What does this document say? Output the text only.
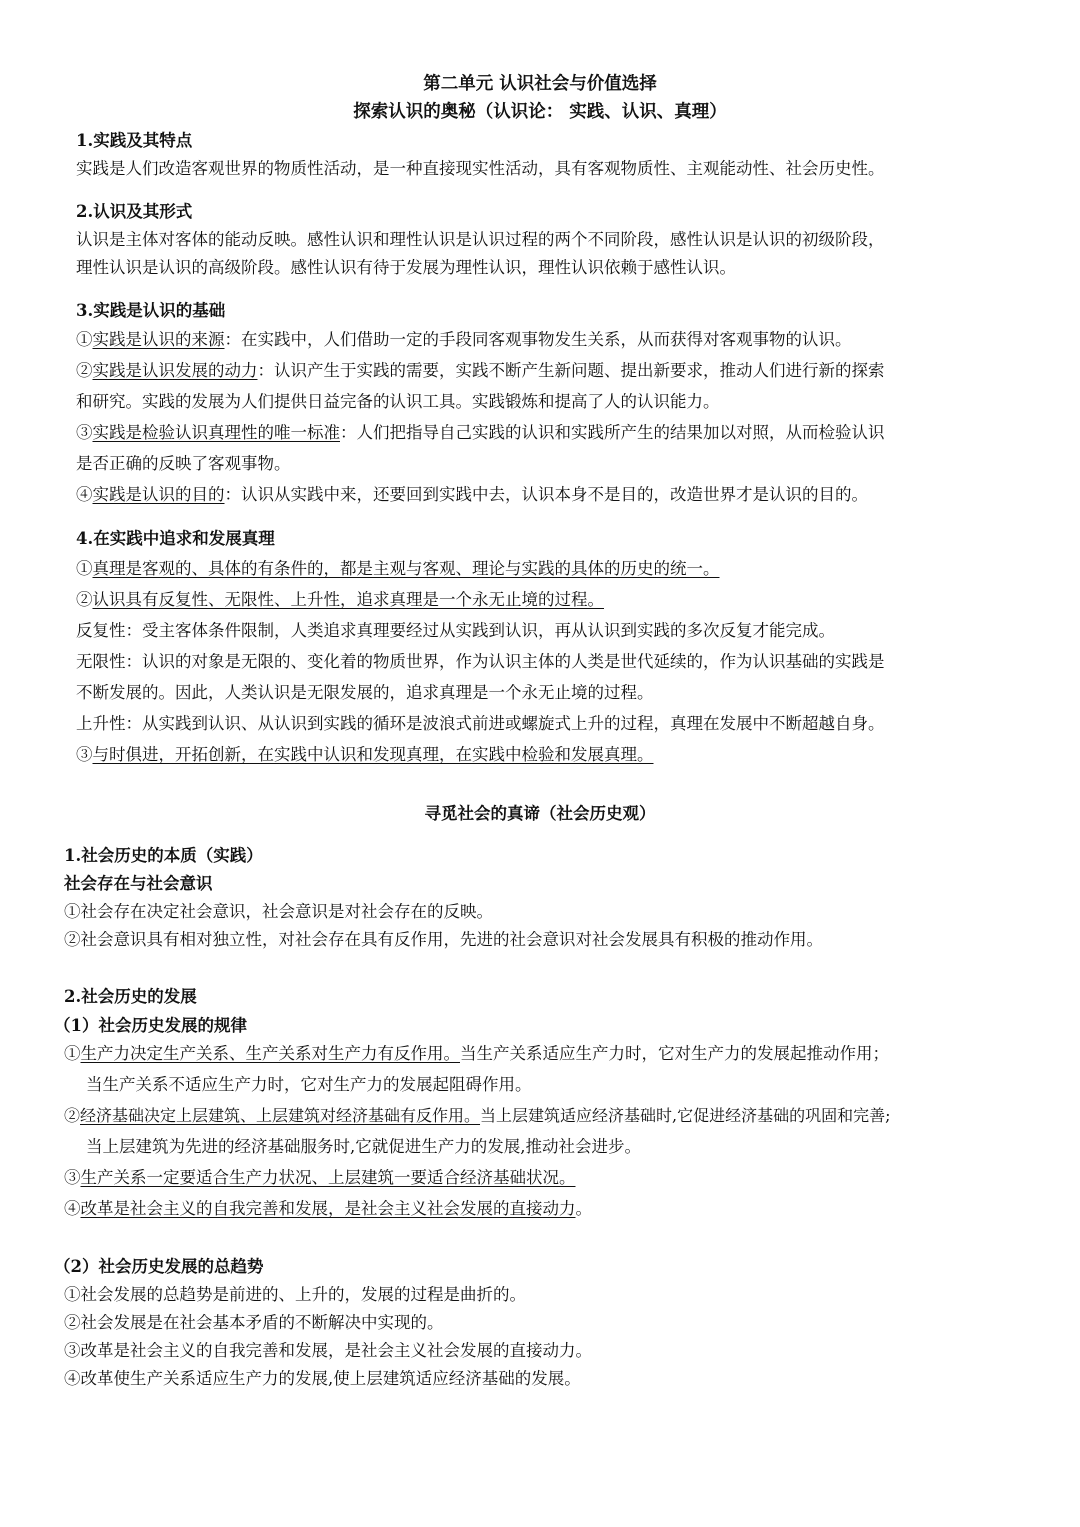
第二单元 认识社会与价值选择
探索认识的奥秘（认识论： 实践、认识、真理）
1.实践及其特点
实践是人们改造客观世界的物质性活动，是一种直接现实性活动，具有客观物质性、主观能动性、社会历史性。
2.认识及其形式
认识是主体对客体的能动反映。感性认识和理性认识是认识过程的两个不同阶段，感性认识是认识的初级阶段，
理性认识是认识的高级阶段。感性认识有待于发展为理性认识，理性认识依赖于感性认识。
3.实践是认识的基础
①实践是认识的来源：在实践中，人们借助一定的手段同客观事物发生关系，从而获得对客观事物的认识。
②实践是认识发展的动力：认识产生于实践的需要，实践不断产生新问题、提出新要求，推动人们进行新的探索
和研究。实践的发展为人们提供日益完备的认识工具。实践锻炼和提高了人的认识能力。
③实践是检验认识真理性的唯一标准：人们把指导自己实践的认识和实践所产生的结果加以对照，从而检验认识
是否正确的反映了客观事物。
④实践是认识的目的：认识从实践中来，还要回到实践中去，认识本身不是目的，改造世界才是认识的目的。
4.在实践中追求和发展真理
①真理是客观的、具体的有条件的，都是主观与客观、理论与实践的具体的历史的统一。
②认识具有反复性、无限性、上升性，追求真理是一个永无止境的过程。
反复性：受主客体条件限制，人类追求真理要经过从实践到认识，再从认识到实践的多次反复才能完成。
无限性：认识的对象是无限的、变化着的物质世界，作为认识主体的人类是世代延续的，作为认识基础的实践是
不断发展的。因此，人类认识是无限发展的，追求真理是一个永无止境的过程。
上升性：从实践到认识、从认识到实践的循环是波浪式前进或螺旋式上升的过程，真理在发展中不断超越自身。
③与时俱进，开拓创新，在实践中认识和发现真理，在实践中检验和发展真理。
寻觅社会的真谛（社会历史观）
1.社会历史的本质（实践）
社会存在与社会意识
①社会存在决定社会意识，社会意识是对社会存在的反映。
②社会意识具有相对独立性，对社会存在具有反作用，先进的社会意识对社会发展具有积极的推动作用。
2.社会历史的发展
（1）社会历史发展的规律
①生产力决定生产关系、生产关系对生产力有反作用。当生产关系适应生产力时，它对生产力的发展起推动作用；
当生产关系不适应生产力时，它对生产力的发展起阻碍作用。
②经济基础决定上层建筑、上层建筑对经济基础有反作用。当上层建筑适应经济基础时,它促进经济基础的巩固和完善;
当上层建筑为先进的经济基础服务时,它就促进生产力的发展,推动社会进步。
③生产关系一定要适合生产力状况、上层建筑一要适合经济基础状况。
④改革是社会主义的自我完善和发展，是社会主义社会发展的直接动力。
（2）社会历史发展的总趋势
①社会发展的总趋势是前进的、上升的，发展的过程是曲折的。
②社会发展是在社会基本矛盾的不断解决中实现的。
③改革是社会主义的自我完善和发展，是社会主义社会发展的直接动力。
④改革使生产关系适应生产力的发展,使上层建筑适应经济基础的发展。
